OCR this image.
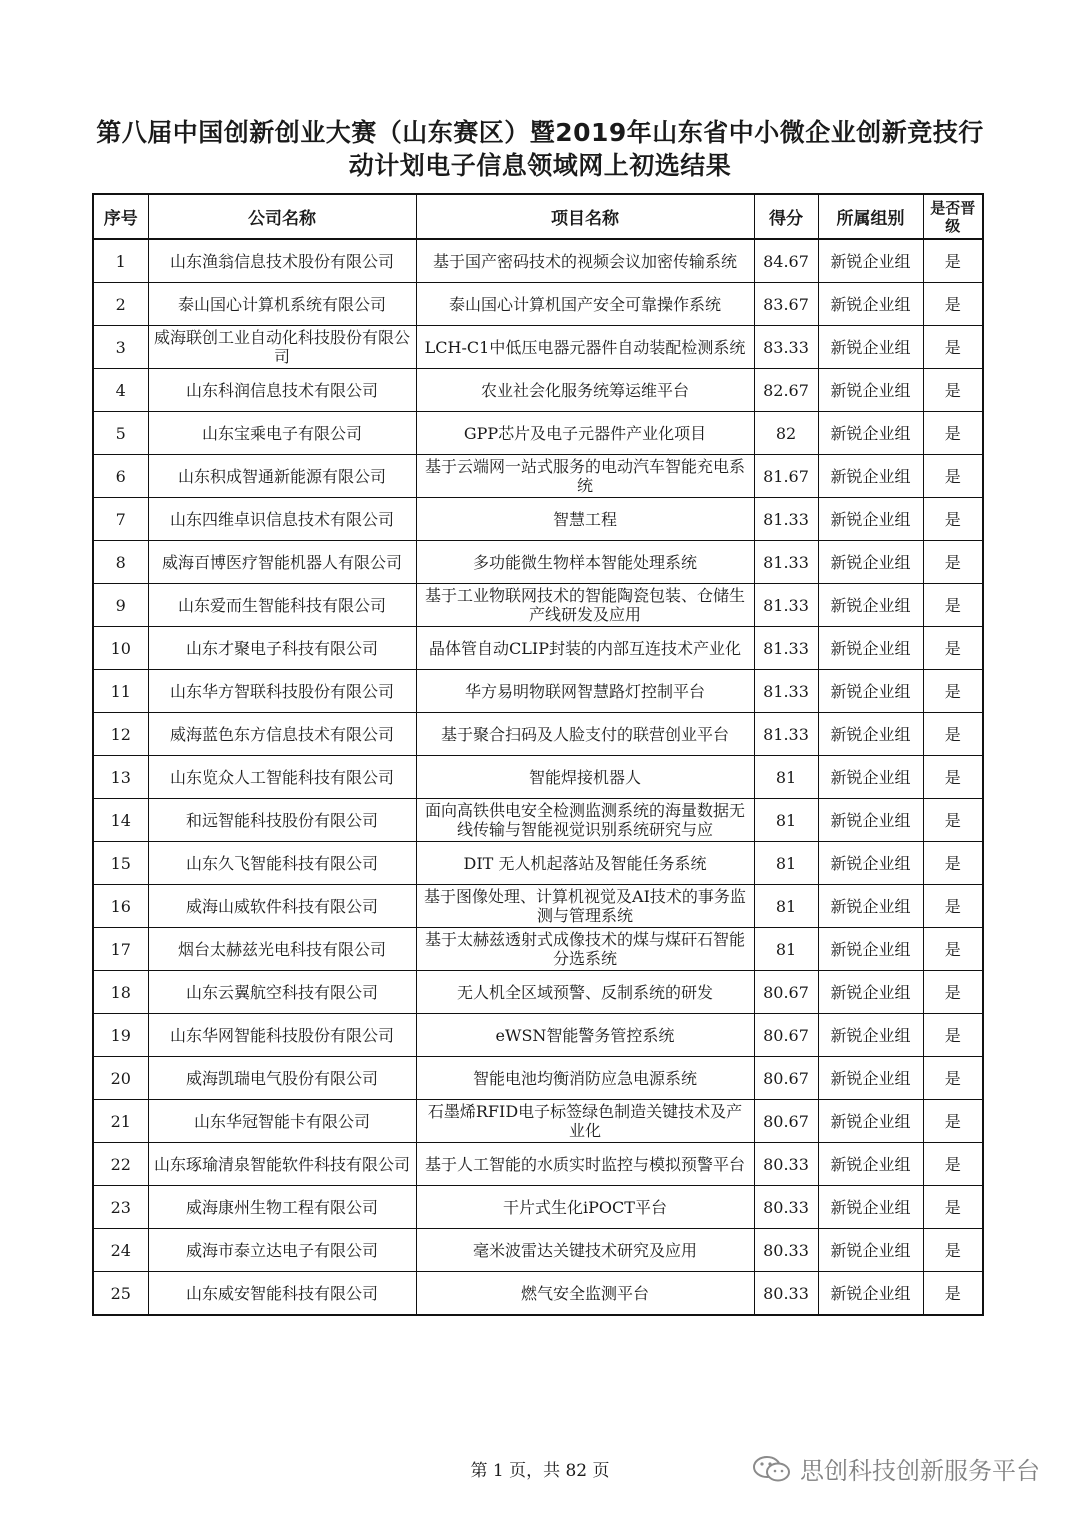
第八届中国创新创业大赛（山东赛区）暨2019年山东省中小微企业创新竞技行
动计划电子信息领域网上初选结果
序号	公司名称	项目名称	得分	所属组别	是否晋级
1	山东渔翁信息技术股份有限公司	基于国产密码技术的视频会议加密传输系统	84.67	新锐企业组	是
2	泰山国心计算机系统有限公司	泰山国心计算机国产安全可靠操作系统	83.67	新锐企业组	是
3	威海联创工业自动化科技股份有限公司	LCH-C1中低压电器元器件自动装配检测系统	83.33	新锐企业组	是
4	山东科润信息技术有限公司	农业社会化服务统筹运维平台	82.67	新锐企业组	是
5	山东宝乘电子有限公司	GPP芯片及电子元器件产业化项目	82	新锐企业组	是
6	山东积成智通新能源有限公司	基于云端网一站式服务的电动汽车智能充电系统	81.67	新锐企业组	是
7	山东四维卓识信息技术有限公司	智慧工程	81.33	新锐企业组	是
8	威海百博医疗智能机器人有限公司	多功能微生物样本智能处理系统	81.33	新锐企业组	是
9	山东爱而生智能科技有限公司	基于工业物联网技术的智能陶瓷包装、仓储生产线研发及应用	81.33	新锐企业组	是
10	山东才聚电子科技有限公司	晶体管自动CLIP封装的内部互连技术产业化	81.33	新锐企业组	是
11	山东华方智联科技股份有限公司	华方易明物联网智慧路灯控制平台	81.33	新锐企业组	是
12	威海蓝色东方信息技术有限公司	基于聚合扫码及人脸支付的联营创业平台	81.33	新锐企业组	是
13	山东览众人工智能科技有限公司	智能焊接机器人	81	新锐企业组	是
14	和远智能科技股份有限公司	面向高铁供电安全检测监测系统的海量数据无线传输与智能视觉识别系统研究与应	81	新锐企业组	是
15	山东久飞智能科技有限公司	DIT 无人机起落站及智能任务系统	81	新锐企业组	是
16	威海山威软件科技有限公司	基于图像处理、计算机视觉及AI技术的事务监测与管理系统	81	新锐企业组	是
17	烟台太赫兹光电科技有限公司	基于太赫兹透射式成像技术的煤与煤矸石智能分选系统	81	新锐企业组	是
18	山东云翼航空科技有限公司	无人机全区域预警、反制系统的研发	80.67	新锐企业组	是
19	山东华网智能科技股份有限公司	eWSN智能警务管控系统	80.67	新锐企业组	是
20	威海凯瑞电气股份有限公司	智能电池均衡消防应急电源系统	80.67	新锐企业组	是
21	山东华冠智能卡有限公司	石墨烯RFID电子标签绿色制造关键技术及产业化	80.67	新锐企业组	是
22	山东琢瑜清泉智能软件科技有限公司	基于人工智能的水质实时监控与模拟预警平台	80.33	新锐企业组	是
23	威海康州生物工程有限公司	干片式生化iPOCT平台	80.33	新锐企业组	是
24	威海市泰立达电子有限公司	毫米波雷达关键技术研究及应用	80.33	新锐企业组	是
25	山东威安智能科技有限公司	燃气安全监测平台	80.33	新锐企业组	是
第 1 页，共 82 页	思创科技创新服务平台
